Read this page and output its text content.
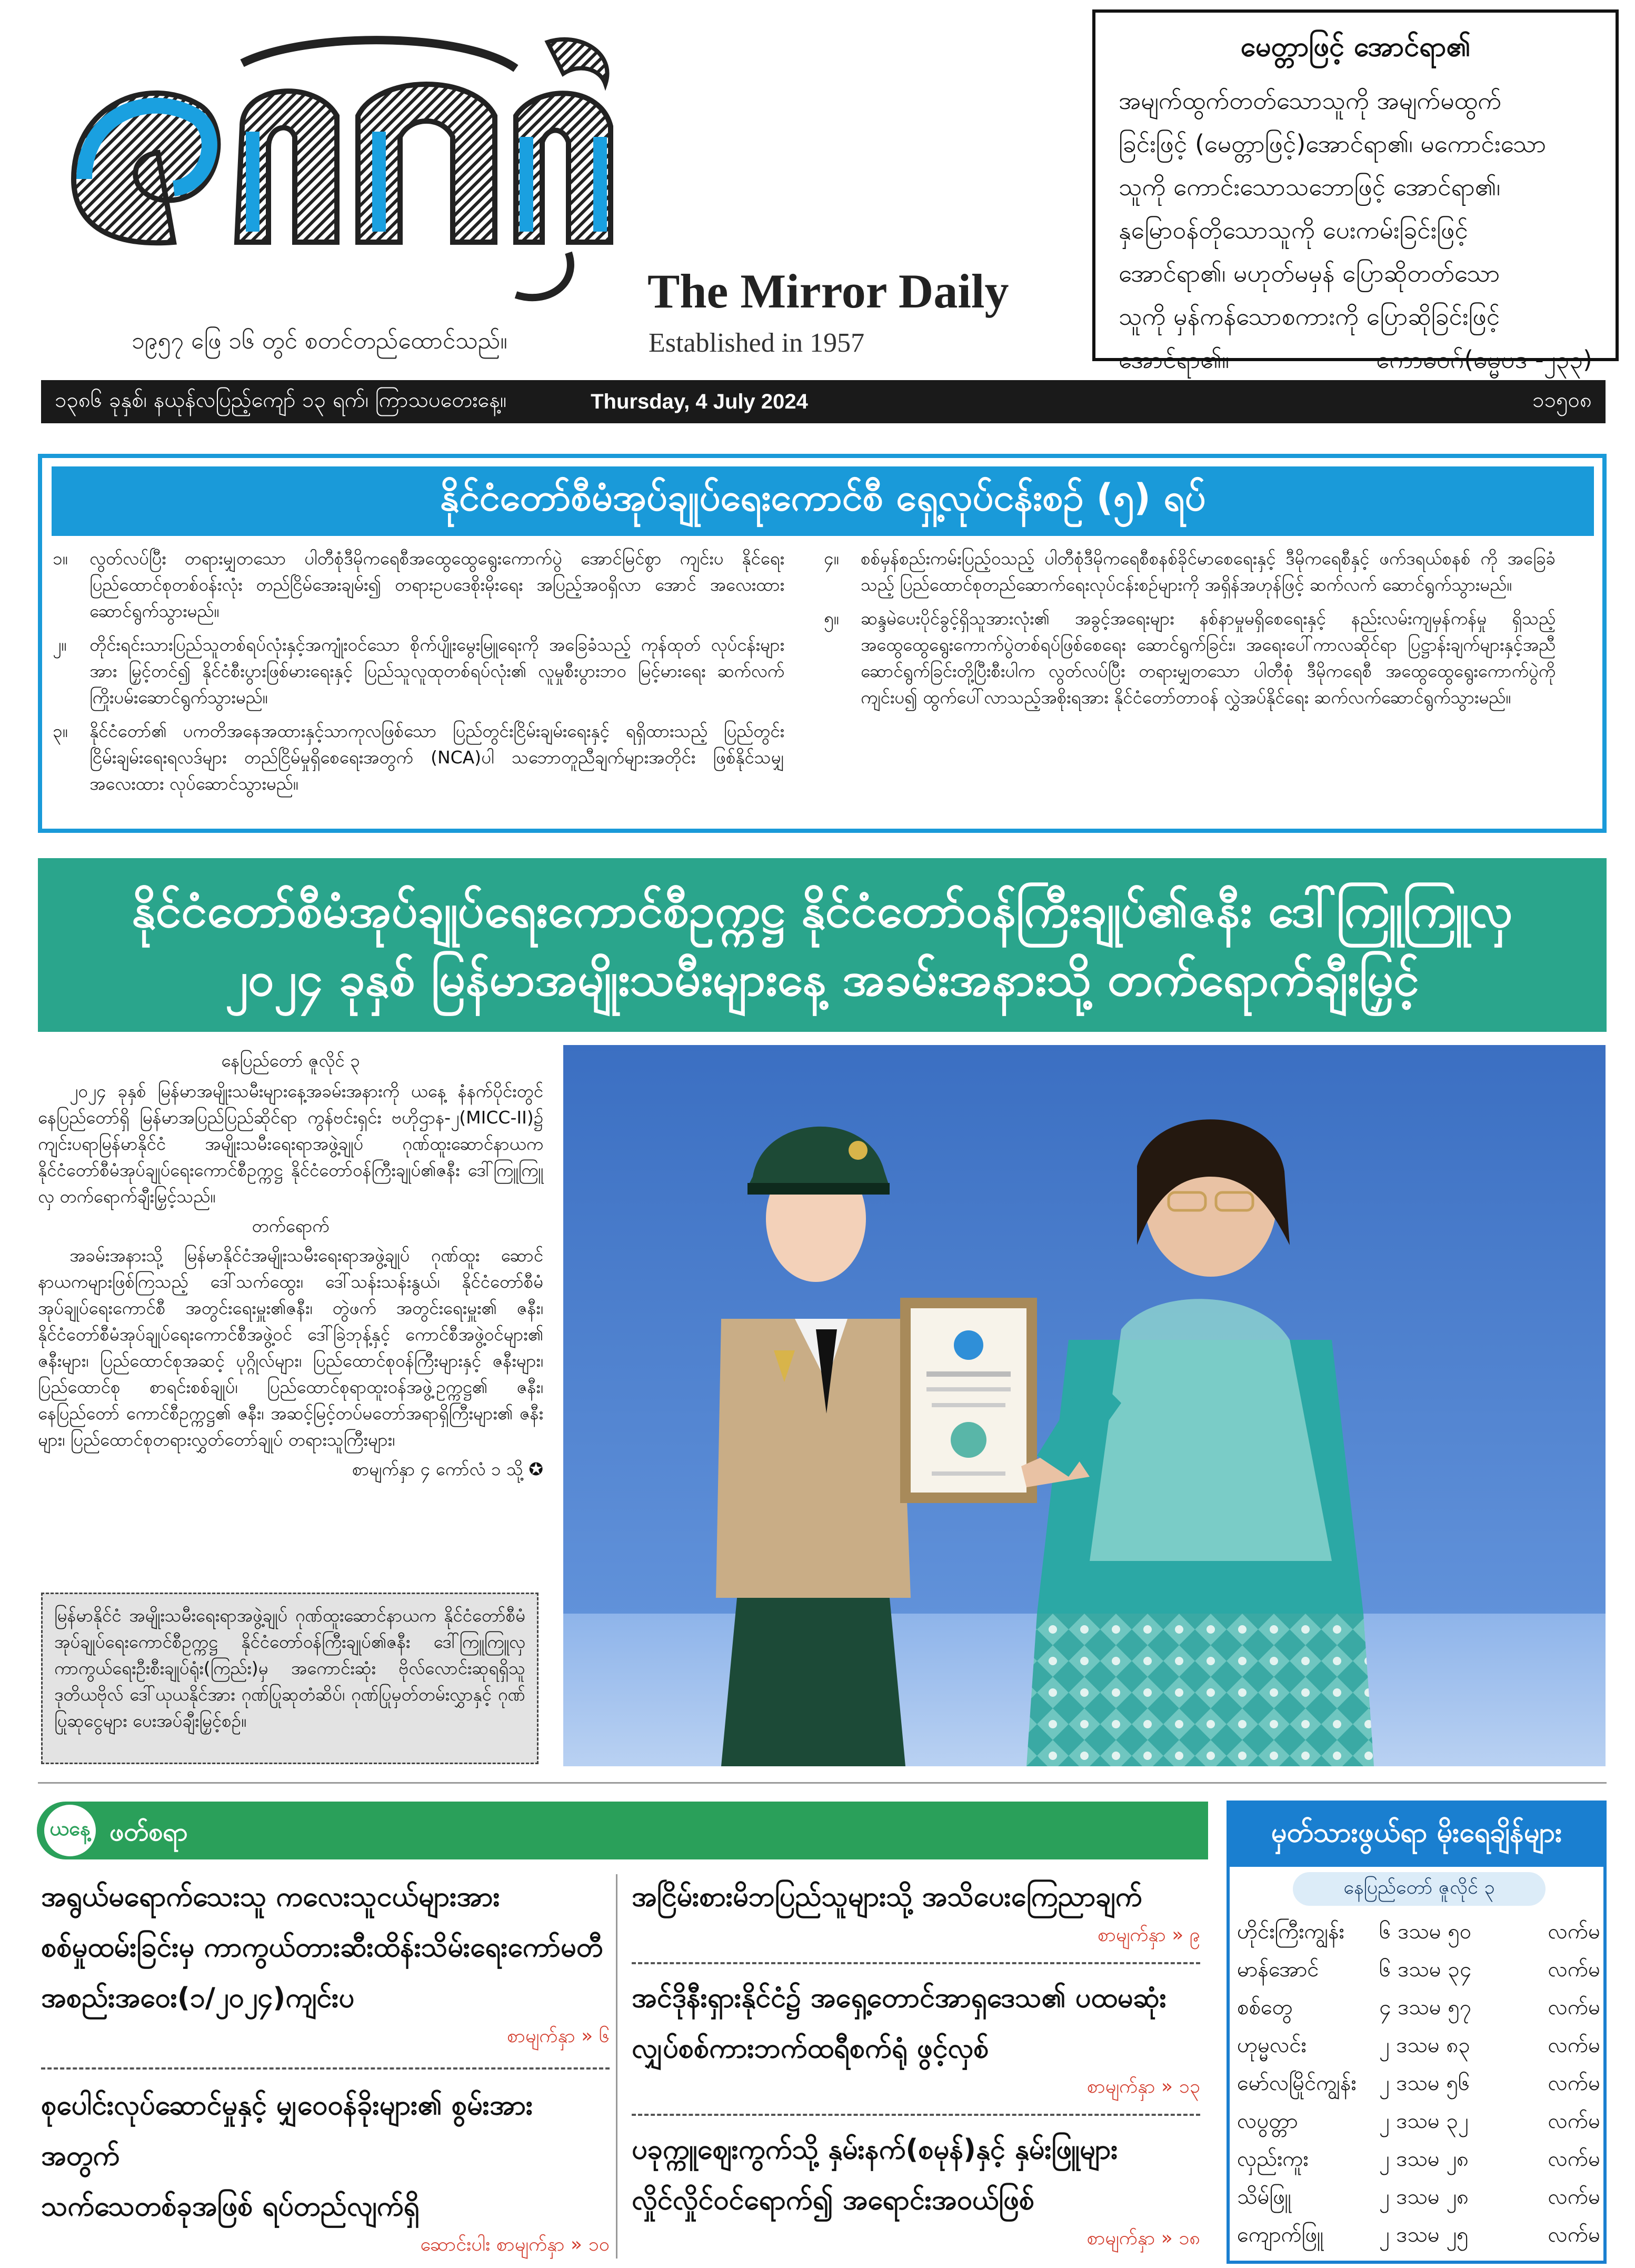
The Mirror Daily
Established in 1957
၁၉၅၇ ဖြေ ၁၆ တွင် စတင်တည်ထောင်သည်။
မေတ္တာဖြင့် အောင်ရာ၏
အမျက်ထွက်တတ်သောသူကို အမျက်မထွက်
ခြင်းဖြင့် (မေတ္တာဖြင့်)အောင်ရာ၏၊ မကောင်းသော
သူကို ကောင်းသောသဘောဖြင့် အောင်ရာ၏၊
နှမြောဝန်တိုသောသူကို ပေးကမ်းခြင်းဖြင့်
အောင်ရာ၏၊ မဟုတ်မမှန် ပြောဆိုတတ်သော
သူကို မှန်ကန်သောစကားကို ပြောဆိုခြင်းဖြင့်
အောင်ရာ၏။	ကောဓဝဂ်(ဓမ္မပဒ -၂၃၃)
၁၃၈၆ ခုနှစ်၊ နယုန်လပြည့်ကျော် ၁၃ ရက်၊ ကြာသပတေးနေ့။	Thursday, 4 July 2024	၁၁၅၀၈
နိုင်ငံတော်စီမံအုပ်ချုပ်ရေးကောင်စီ ရှေ့လုပ်ငန်းစဉ် (၅) ရပ်
၁။	လွတ်လပ်ပြီး တရားမျှတသော ပါတီစုံဒီမိုကရေစီအထွေထွေရွေးကောက်ပွဲ အောင်မြင်စွာ ကျင်းပ နိုင်ရေး ပြည်ထောင်စုတစ်ဝန်းလုံး တည်ငြိမ်အေးချမ်း၍ တရားဥပဒေစိုးမိုးရေး အပြည့်အဝရှိလာ အောင် အလေးထားဆောင်ရွက်သွားမည်။
၂။	တိုင်းရင်းသားပြည်သူတစ်ရပ်လုံးနှင့်အကျုံးဝင်သော စိုက်ပျိုးမွေးမြူရေးကို အခြေခံသည့် ကုန်ထုတ် လုပ်ငန်းများအား မြှင့်တင်၍ နိုင်ငံစီးပွားဖြစ်မားရေးနှင့် ပြည်သူလူထုတစ်ရပ်လုံး၏ လူမှုစီးပွားဘဝ မြင့်မားရေး ဆက်လက်ကြိုးပမ်းဆောင်ရွက်သွားမည်။
၃။	နိုင်ငံတော်၏ ပကတိအနေအထားနှင့်သာကုလဖြစ်သော ပြည်တွင်းငြိမ်းချမ်းရေးနှင့် ရရှိထားသည့် ပြည်တွင်း ငြိမ်းချမ်းရေးရလဒ်များ တည်ငြိမ်မှုရှိစေရေးအတွက် (NCA)ပါ သဘောတူညီချက်များအတိုင်း ဖြစ်နိုင်သမျှ အလေးထား လုပ်ဆောင်သွားမည်။
၄။	စစ်မှန်စည်းကမ်းပြည့်ဝသည့် ပါတီစုံဒီမိုကရေစီစနစ်ခိုင်မာစေရေးနှင့် ဒီမိုကရေစီနှင့် ဖက်ဒရယ်စနစ် ကို အခြေခံသည့် ပြည်ထောင်စုတည်ဆောက်ရေးလုပ်ငန်းစဉ်များကို အရှိန်အဟုန်ဖြင့် ဆက်လက် ဆောင်ရွက်သွားမည်။
၅။	ဆန္ဒမဲပေးပိုင်ခွင့်ရှိသူအားလုံး၏ အခွင့်အရေးများ နစ်နာမှုမရှိစေရေးနှင့် နည်းလမ်းကျမှန်ကန်မှု ရှိသည့် အထွေထွေရွေးကောက်ပွဲတစ်ရပ်ဖြစ်စေရေး ဆောင်ရွက်ခြင်း၊ အရေးပေါ်ကာလဆိုင်ရာ ပြဋ္ဌာန်းချက်များနှင့်အညီ ဆောင်ရွက်ခြင်းတို့ပြီးစီးပါက လွတ်လပ်ပြီး တရားမျှတသော ပါတီစုံ ဒီမိုကရေစီ အထွေထွေရွေးကောက်ပွဲကိုကျင်းပ၍ ထွက်ပေါ်လာသည့်အစိုးရအား နိုင်ငံတော်တာဝန် လွှဲအပ်နိုင်ရေး ဆက်လက်ဆောင်ရွက်သွားမည်။
နိုင်ငံတော်စီမံအုပ်ချုပ်ရေးကောင်စီဥက္ကဋ္ဌ နိုင်ငံတော်ဝန်ကြီးချုပ်၏ဇနီး ဒေါ်ကြူကြူလှ
၂၀၂၄ ခုနှစ် မြန်မာအမျိုးသမီးများနေ့ အခမ်းအနားသို့ တက်ရောက်ချီးမြှင့်
နေပြည်တော် ဇူလိုင် ၃

၂၀၂၄ ခုနှစ် မြန်မာအမျိုးသမီးများနေ့အခမ်းအနားကို ယနေ့ နံနက်ပိုင်းတွင် နေပြည်တော်ရှိ မြန်မာအပြည်ပြည်ဆိုင်ရာ ကွန်ဗင်းရှင်း ဗဟိုဌာန-၂(MICC-II)၌ ကျင်းပရာမြန်မာနိုင်ငံ အမျိုးသမီးရေးရာအဖွဲ့ချုပ် ဂုဏ်ထူးဆောင်နာယက နိုင်ငံတော်စီမံအုပ်ချုပ်ရေးကောင်စီဥက္ကဋ္ဌ နိုင်ငံတော်ဝန်ကြီးချုပ်၏ဇနီး ဒေါ်ကြူကြူလှ တက်ရောက်ချီးမြှင့်သည်။

တက်ရောက်

အခမ်းအနားသို့ မြန်မာနိုင်ငံအမျိုးသမီးရေးရာအဖွဲ့ချုပ် ဂုဏ်ထူး ဆောင် နာယကများဖြစ်ကြသည့် ဒေါ်သက်ထွေး၊ ဒေါ်သန်းသန်းနွယ်၊ နိုင်ငံတော်စီမံအုပ်ချုပ်ရေးကောင်စီ အတွင်းရေးမှူး၏ဇနီး၊ တွဲဖက် အတွင်းရေးမှူး၏ ဇနီး၊ နိုင်ငံတော်စီမံအုပ်ချုပ်ရေးကောင်စီအဖွဲ့ဝင် ဒေါ်ခြဲဘုန့်နှင့် ကောင်စီအဖွဲ့ဝင်များ၏ ဇနီးများ၊ ပြည်ထောင်စုအဆင့် ပုဂ္ဂိုလ်များ၊ ပြည်ထောင်စုဝန်ကြီးများနှင့် ဇနီးများ၊ ပြည်ထောင်စု စာရင်းစစ်ချုပ်၊ ပြည်ထောင်စုရာထူးဝန်အဖွဲ့ဥက္ကဋ္ဌ၏ ဇနီး၊ နေပြည်တော် ကောင်စီဥက္ကဋ္ဌ၏ ဇနီး၊ အဆင့်မြင့်တပ်မတော်အရာရှိကြီးများ၏ ဇနီးများ၊ ပြည်ထောင်စုတရားလွှတ်တော်ချုပ် တရားသူကြီးများ၊

စာမျက်နှာ ၄ ကော်လံ ၁ သို့ ✪
မြန်မာနိုင်ငံ အမျိုးသမီးရေးရာအဖွဲ့ချုပ် ဂုဏ်ထူးဆောင်နာယက နိုင်ငံတော်စီမံအုပ်ချုပ်ရေးကောင်စီဥက္ကဋ္ဌ နိုင်ငံတော်ဝန်ကြီးချုပ်၏ဇနီး ဒေါ်ကြူကြူလှ ကာကွယ်ရေးဦးစီးချုပ်ရုံး(ကြည်း)မှ အကောင်းဆုံး ဗိုလ်လောင်းဆုရရှိသူ ဒုတိယဗိုလ် ဒေါ်ယုယနိုင်အား ဂုဏ်ပြုဆုတံဆိပ်၊ ဂုဏ်ပြုမှတ်တမ်းလွှာနှင့် ဂုဏ်ပြုဆုငွေများ ပေးအပ်ချီးမြှင့်စဉ်။
ယနေ့ ဖတ်စရာ
အရွယ်မရောက်သေးသူ ကလေးသူငယ်များအား
စစ်မှုထမ်းခြင်းမှ ကာကွယ်တားဆီးထိန်းသိမ်းရေးကော်မတီ
အစည်းအဝေး(၁/၂၀၂၄)ကျင်းပ
စာမျက်နှာ » ၆
စုပေါင်းလုပ်ဆောင်မှုနှင့် မျှဝေဝန်ခိုးများ၏ စွမ်းအားအတွက်
သက်သေတစ်ခုအဖြစ် ရပ်တည်လျက်ရှိ
ဆောင်းပါး စာမျက်နှာ » ၁၀
အငြိမ်းစားမိဘပြည်သူများသို့ အသိပေးကြေညာချက်
စာမျက်နှာ » ၉
အင်ဒိုနီးရှားနိုင်ငံ၌ အရှေ့တောင်အာရှဒေသ၏ ပထမဆုံး
လျှပ်စစ်ကားဘက်ထရီစက်ရုံ ဖွင့်လှစ်
စာမျက်နှာ » ၁၃
ပခုက္ကူဈေးကွက်သို့ နှမ်းနက်(စမုန်)နှင့် နှမ်းဖြူများ
လှိုင်လှိုင်ဝင်ရောက်၍ အရောင်းအဝယ်ဖြစ်
စာမျက်နှာ » ၁၈
မှတ်သားဖွယ်ရာ မိုးရေချိန်များ
နေပြည်တော် ဇူလိုင် ၃
ဟိုင်းကြီးကျွန်း	၆ ဒသမ ၅၀	လက်မ
မာန်အောင်	၆ ဒသမ ၃၄	လက်မ
စစ်တွေ	၄ ဒသမ ၅၇	လက်မ
ဟုမ္မလင်း	၂ ဒသမ ၈၃	လက်မ
မော်လမြိုင်ကျွန်း	၂ ဒသမ ၅၆	လက်မ
လပွတ္တာ	၂ ဒသမ ၃၂	လက်မ
လှည်းကူး	၂ ဒသမ ၂၈	လက်မ
သိမ်ဖြူ	၂ ဒသမ ၂၈	လက်မ
ကျောက်ဖြူ	၂ ဒသမ ၂၅	လက်မ
